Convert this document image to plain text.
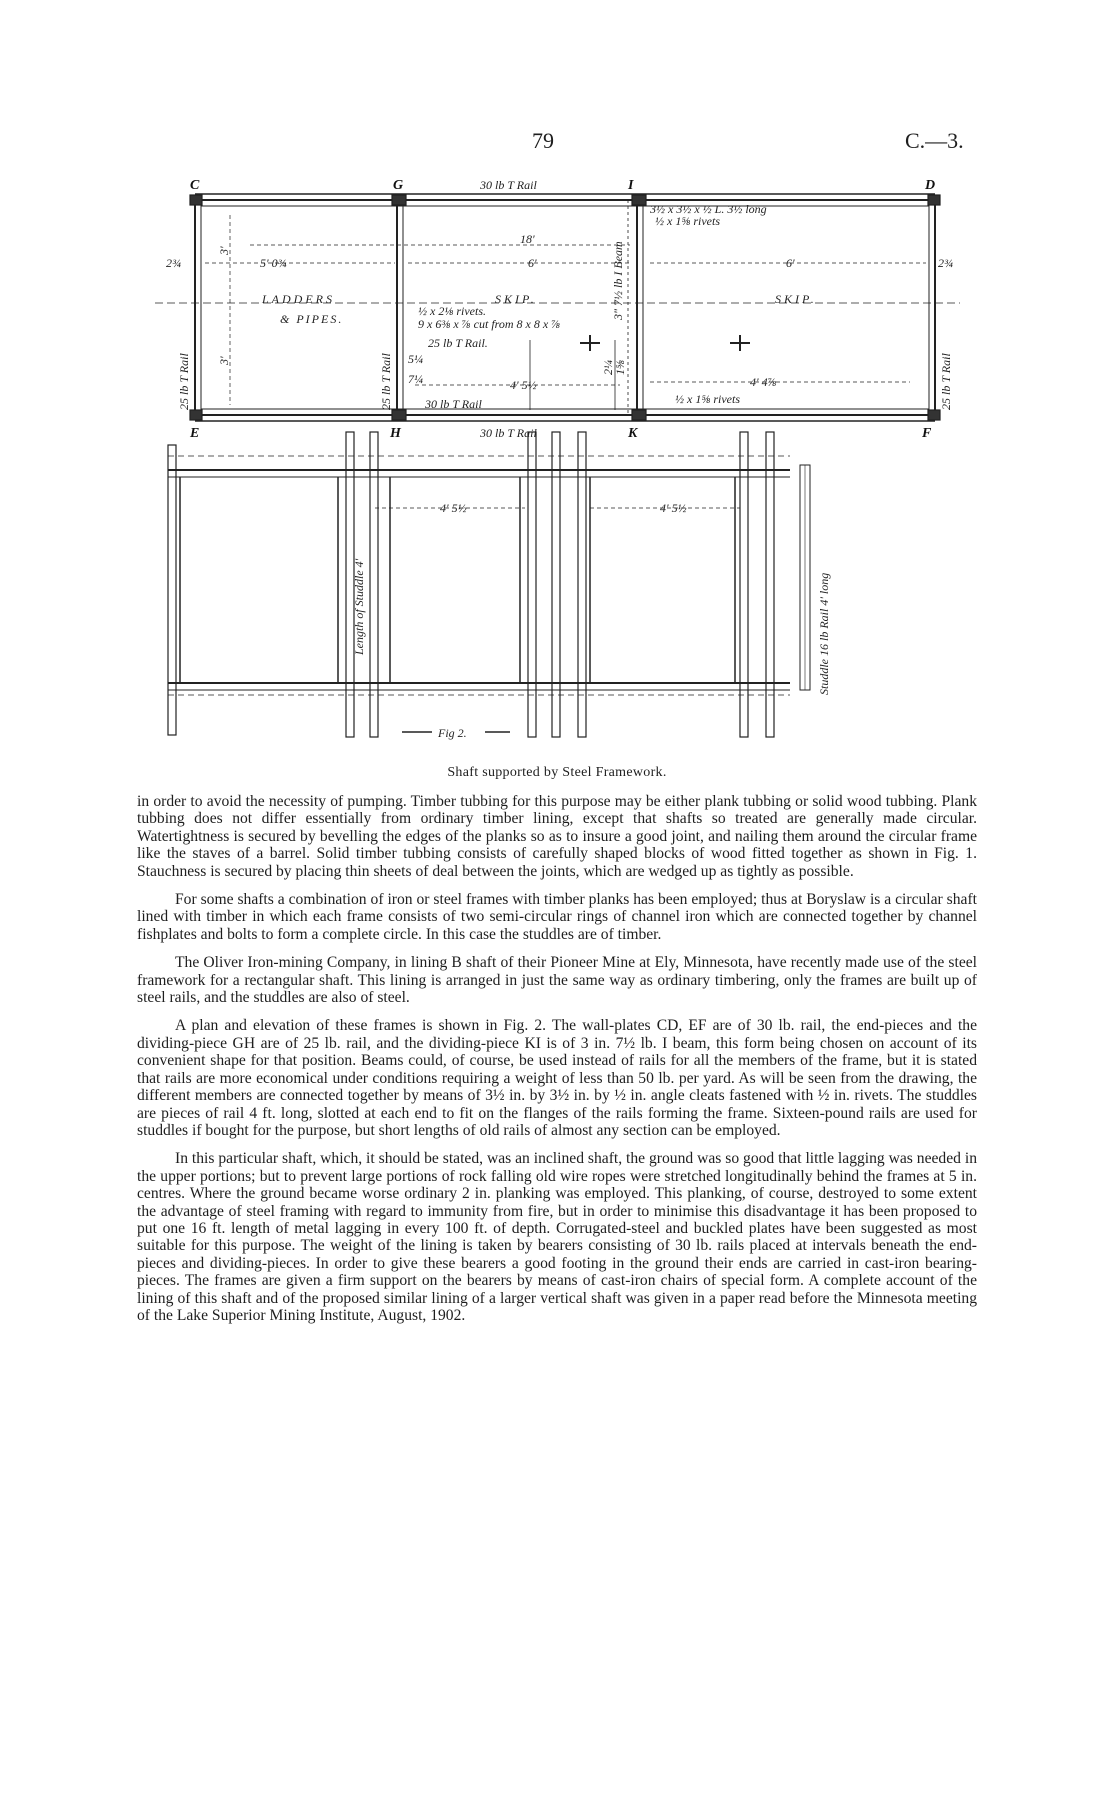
79	C.—3.
C	G	I	D
E	H	K	F
30 lb T Rail
30 lb T Rail
3" 7½ lb I Beam
3½ x 3½ x ½ L. 3½ long
½ x 1⅝ rivets
18'
6'	6'
5' 0¾
3'
3'
2¾	2¾
LADDERS
& PIPES.
SKIP.	SKIP.
½ x 2⅛ rivets.
9 x 6⅜ x ⅞ cut from 8 x 8 x ⅞
25 lb T Rail.
25 lb T Rail	25 lb T Rail	25 lb T Rail
5¼
7¼	4' 5½	4' 4⅞
30 lb T Rail	½ x 1⅝ rivets
2¼
1⅝
4' 5½	4' 5½
Length of Studdle 4'	Studdle 16 lb Rail 4' long
Fig 2.
Shaft supported by Steel Framework.

in order to avoid the necessity of pumping. Timber tubbing for this purpose may be either plank tubbing or solid wood tubbing. Plank tubbing does not differ essentially from ordinary timber lining, except that shafts so treated are generally made circular. Watertightness is secured by bevelling the edges of the planks so as to insure a good joint, and nailing them around the circular frame like the staves of a barrel. Solid timber tubbing consists of carefully shaped blocks of wood fitted together as shown in Fig. 1. Stauchness is secured by placing thin sheets of deal between the joints, which are wedged up as tightly as possible.

For some shafts a combination of iron or steel frames with timber planks has been employed; thus at Boryslaw is a circular shaft lined with timber in which each frame consists of two semi-circular rings of channel iron which are connected together by channel fishplates and bolts to form a complete circle. In this case the studdles are of timber.

The Oliver Iron-mining Company, in lining B shaft of their Pioneer Mine at Ely, Minnesota, have recently made use of the steel framework for a rectangular shaft. This lining is arranged in just the same way as ordinary timbering, only the frames are built up of steel rails, and the studdles are also of steel.

A plan and elevation of these frames is shown in Fig. 2. The wall-plates CD, EF are of 30 lb. rail, the end-pieces and the dividing-piece GH are of 25 lb. rail, and the dividing-piece KI is of 3 in. 7½ lb. I beam, this form being chosen on account of its convenient shape for that position. Beams could, of course, be used instead of rails for all the members of the frame, but it is stated that rails are more economical under conditions requiring a weight of less than 50 lb. per yard. As will be seen from the drawing, the different members are connected together by means of 3½ in. by 3½ in. by ½ in. angle cleats fastened with ½ in. rivets. The studdles are pieces of rail 4 ft. long, slotted at each end to fit on the flanges of the rails forming the frame. Sixteen-pound rails are used for studdles if bought for the purpose, but short lengths of old rails of almost any section can be employed.

In this particular shaft, which, it should be stated, was an inclined shaft, the ground was so good that little lagging was needed in the upper portions; but to prevent large portions of rock falling old wire ropes were stretched longitudinally behind the frames at 5 in. centres. Where the ground became worse ordinary 2 in. planking was employed. This planking, of course, destroyed to some extent the advantage of steel framing with regard to immunity from fire, but in order to minimise this disadvantage it has been proposed to put one 16 ft. length of metal lagging in every 100 ft. of depth. Corrugated-steel and buckled plates have been suggested as most suitable for this purpose. The weight of the lining is taken by bearers consisting of 30 lb. rails placed at intervals beneath the end-pieces and dividing-pieces. In order to give these bearers a good footing in the ground their ends are carried in cast-iron bearing-pieces. The frames are given a firm support on the bearers by means of cast-iron chairs of special form. A complete account of the lining of this shaft and of the proposed similar lining of a larger vertical shaft was given in a paper read before the Minnesota meeting of the Lake Superior Mining Institute, August, 1902.
